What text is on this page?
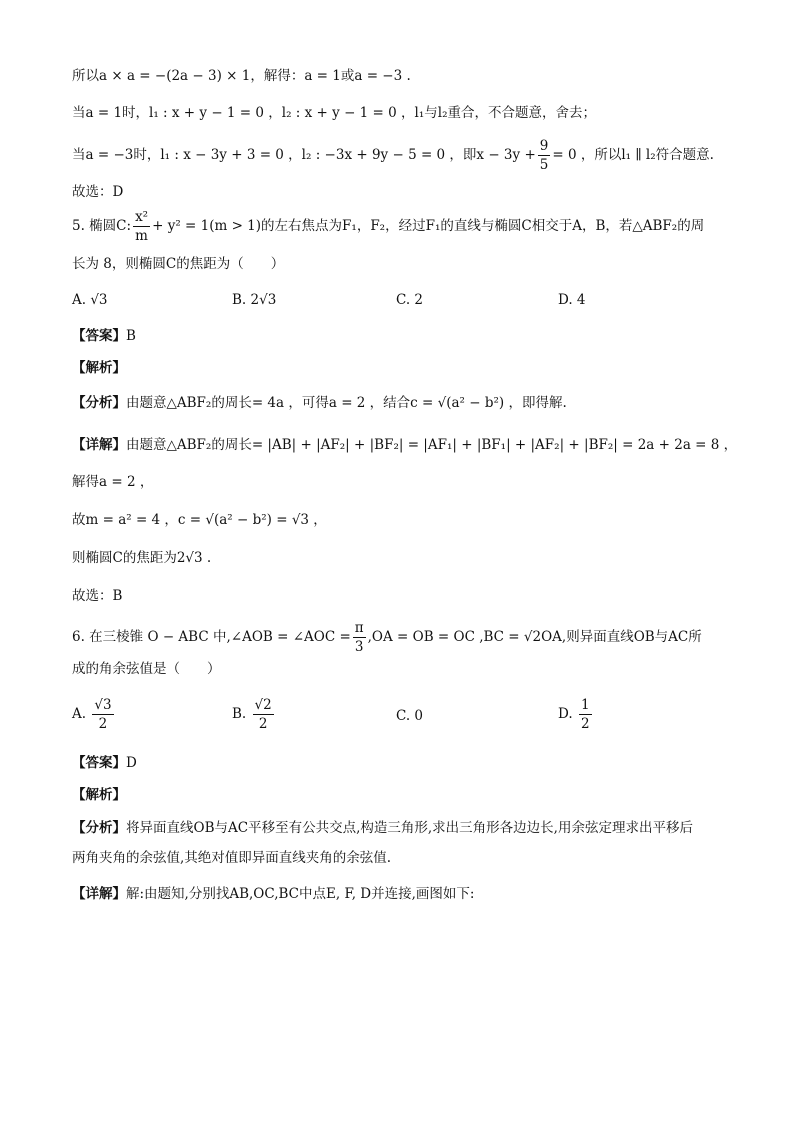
所以a × a = −(2a − 3) × 1，解得：a = 1或a = −3 .
当a = 1时，l₁ : x + y − 1 = 0 ，l₂ : x + y − 1 = 0 ，l₁与l₂重合，不合题意，舍去；
当a = −3时，l₁ : x − 3y + 3 = 0 ，l₂ : −3x + 9y − 5 = 0 ，即$x - 3y + \frac{9}{5} = 0$ ，所以l₁ ∥ l₂符合题意.
故选：D
5. 椭圆C: $\frac{\text{x²}}{m} + y^2 = 1(m > 1)$的左右焦点为F₁，F₂，经过F₁的直线与椭圆C相交于A，B，若△ABF₂的周
长为 8，则椭圆C的焦距为（　　）
A. √3	B. 2√3	C. 2	D. 4
【答案】B
【解析】
【分析】由题意△ABF₂的周长= 4a ，可得a = 2 ，结合c = √(a² − b²) ，即得解.
【详解】由题意△ABF₂的周长= |AB| + |AF₂| + |BF₂| = |AF₁| + |BF₁| + |AF₂| + |BF₂| = 2a + 2a = 8 ，
解得a = 2 ，
故m = a² = 4 ，c = √(a² − b²) = √3 ，
则椭圆C的焦距为2√3 .
故选：B
6. 在三棱锥 O − ABC 中,∠AOB = ∠AOC = $\frac{\pi}{3} ,OA$ = OB = OC ,BC = √2OA,则异面直线OB与AC所
成的角余弦值是（　　）
A. $\frac{√3}{2}$	B. $\frac{√2}{2}$	C. 0	D. $\frac{1}{2}$
【答案】D
【解析】
【分析】将异面直线OB与AC平移至有公共交点,构造三角形,求出三角形各边边长,用余弦定理求出平移后
两角夹角的余弦值,其绝对值即异面直线夹角的余弦值.
【详解】解:由题知,分别找AB,OC,BC中点E, F, D并连接,画图如下:
